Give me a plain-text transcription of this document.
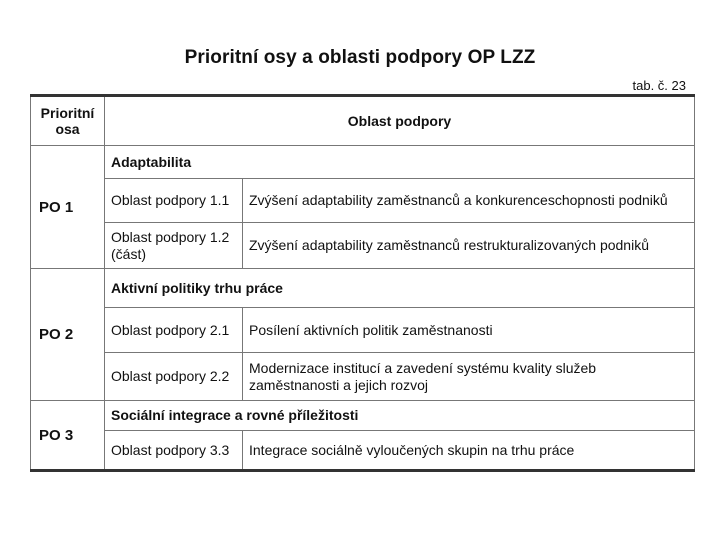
Prioritní osy a oblasti podpory OP LZZ
tab. č. 23
Prioritní
osa	Oblast podpory	
PO 1	Adaptabilita	
	Oblast podpory 1.1	Zvýšení adaptability zaměstnanců a konkurenceschopnosti podniků
	Oblast podpory 1.2 (část)	Zvýšení adaptability zaměstnanců restrukturalizovaných podniků
PO 2	Aktivní politiky trhu práce	
	Oblast podpory 2.1	Posílení aktivních politik zaměstnanosti
	Oblast podpory 2.2	Modernizace institucí a zavedení systému kvality služeb zaměstnanosti a jejich rozvoj
PO 3	Sociální integrace a rovné příležitosti	
	Oblast podpory 3.3	Integrace sociálně vyloučených skupin na trhu práce
